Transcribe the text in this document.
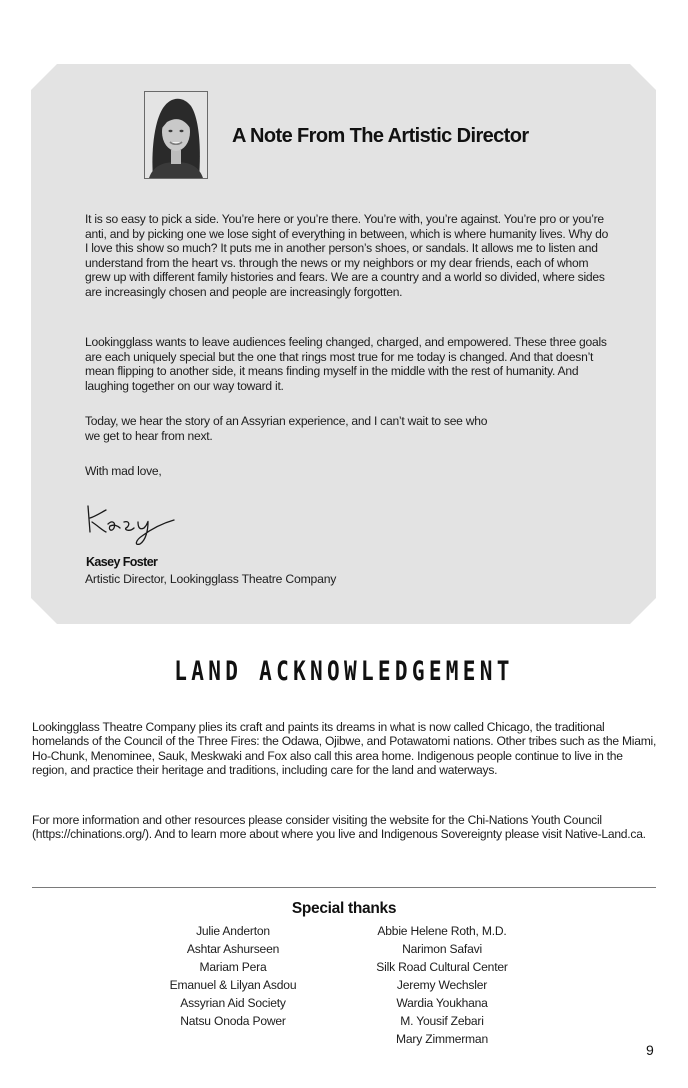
A Note From The Artistic Director

It is so easy to pick a side. You’re here or you’re there. You’re with, you’re against. You’re pro or you’re anti, and by picking one we lose sight of everything in between, which is where humanity lives. Why do I love this show so much? It puts me in another person’s shoes, or sandals. It allows me to listen and understand from the heart vs. through the news or my neighbors or my dear friends, each of whom grew up with different family histories and fears. We are a country and a world so divided, where sides are increasingly chosen and people are increasingly forgotten.

Lookingglass wants to leave audiences feeling changed, charged, and empowered. These three goals are each uniquely special but the one that rings most true for me today is changed. And that doesn’t mean flipping to another side, it means finding myself in the middle with the rest of humanity. And laughing together on our way toward it.

Today, we hear the story of an Assyrian experience, and I can’t wait to see who we get to hear from next.

With mad love,

Kasey Foster
Artistic Director, Lookingglass Theatre Company
LAND ACKNOWLEDGEMENT

Lookingglass Theatre Company plies its craft and paints its dreams in what is now called Chicago, the traditional homelands of the Council of the Three Fires: the Odawa, Ojibwe, and Potawatomi nations. Other tribes such as the Miami, Ho-Chunk, Menominee, Sauk, Meskwaki and Fox also call this area home. Indigenous people continue to live in the region, and practice their heritage and traditions, including care for the land and waterways.

For more information and other resources please consider visiting the website for the Chi-Nations Youth Council (https://chinations.org/). And to learn more about where you live and Indigenous Sovereignty please visit Native-Land.ca.

Special thanks
Julie Anderton
Ashtar Ashurseen
Mariam Pera
Emanuel & Lilyan Asdou
Assyrian Aid Society
Natsu Onoda Power
Abbie Helene Roth, M.D.
Narimon Safavi
Silk Road Cultural Center
Jeremy Wechsler
Wardia Youkhana
M. Yousif Zebari
Mary Zimmerman
9
